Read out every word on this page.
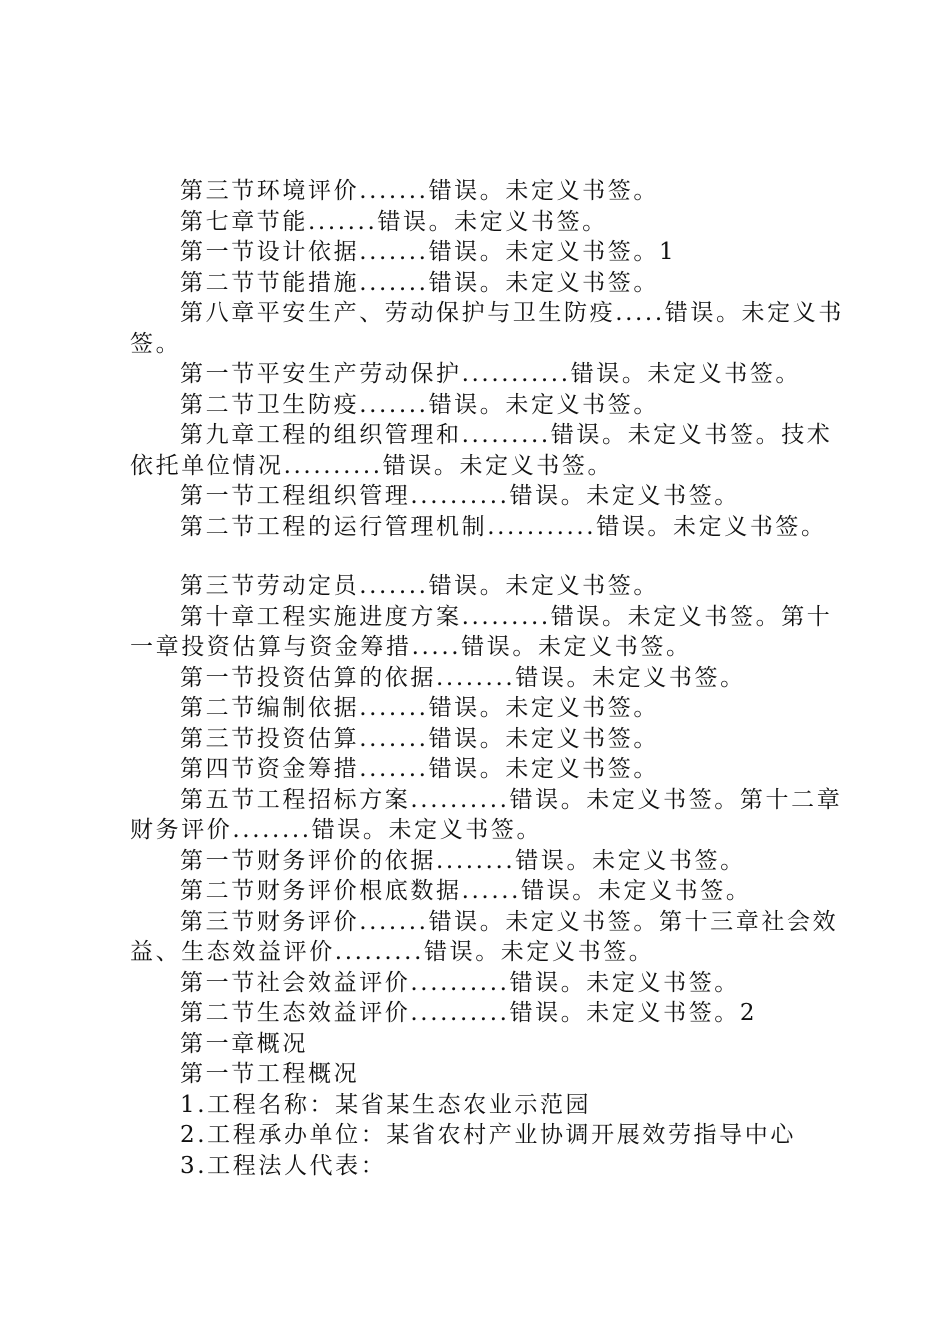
第三节环境评价.......错误。未定义书签。
第七章节能.......错误。未定义书签。
第一节设计依据.......错误。未定义书签。1
第二节节能措施.......错误。未定义书签。
第八章平安生产、劳动保护与卫生防疫.....错误。未定义书签。
第一节平安生产劳动保护...........错误。未定义书签。
第二节卫生防疫.......错误。未定义书签。
第九章工程的组织管理和.........错误。未定义书签。技术依托单位情况..........错误。未定义书签。
第一节工程组织管理..........错误。未定义书签。
第二节工程的运行管理机制...........错误。未定义书签。
第三节劳动定员.......错误。未定义书签。
第十章工程实施进度方案.........错误。未定义书签。第十一章投资估算与资金筹措.....错误。未定义书签。
第一节投资估算的依据........错误。未定义书签。
第二节编制依据.......错误。未定义书签。
第三节投资估算.......错误。未定义书签。
第四节资金筹措.......错误。未定义书签。
第五节工程招标方案..........错误。未定义书签。第十二章财务评价........错误。未定义书签。
第一节财务评价的依据........错误。未定义书签。
第二节财务评价根底数据......错误。未定义书签。
第三节财务评价.......错误。未定义书签。第十三章社会效益、生态效益评价.........错误。未定义书签。
第一节社会效益评价..........错误。未定义书签。
第二节生态效益评价..........错误。未定义书签。2
第一章概况
第一节工程概况
1.工程名称：某省某生态农业示范园
2.工程承办单位：某省农村产业协调开展效劳指导中心
3.工程法人代表：
